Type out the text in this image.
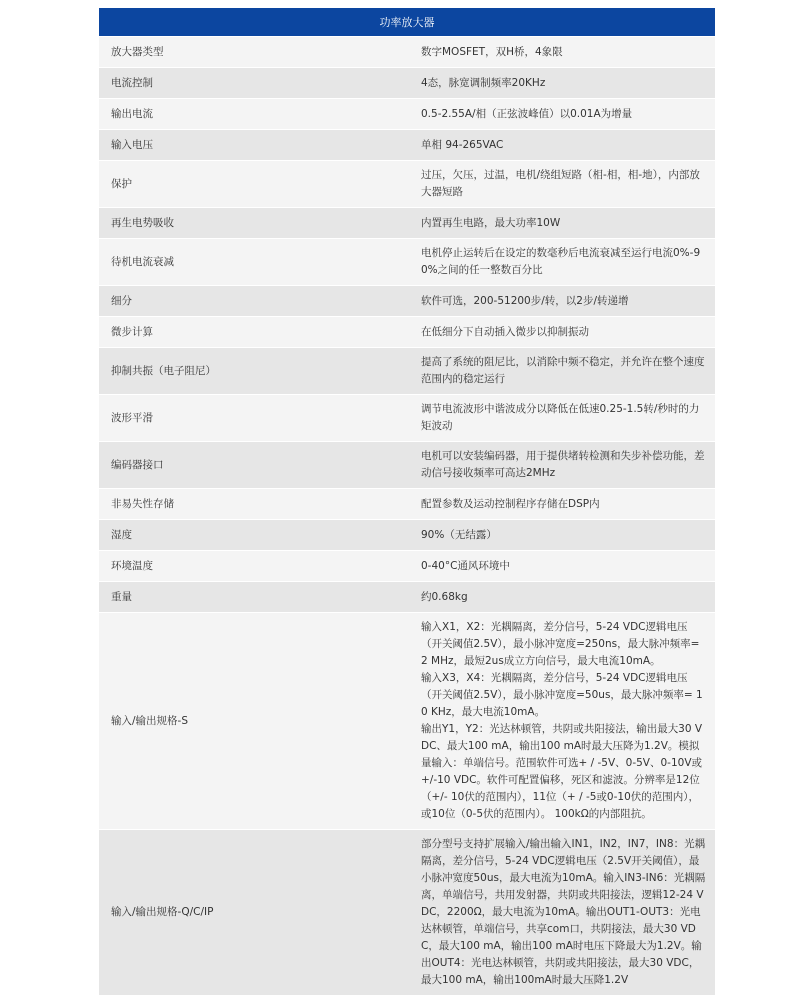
功率放大器	
放大器类型	数字MOSFET，双H桥，4象限
电流控制	4态，脉宽调制频率20KHz
输出电流	0.5-2.55A/相（正弦波峰值）以0.01A为增量
输入电压	单相 94-265VAC
保护	过压，欠压，过温，电机/绕组短路（相-相，相-地），内部放大器短路
再生电势吸收	内置再生电路，最大功率10W
待机电流衰减	电机停止运转后在设定的数毫秒后电流衰减至运行电流0%-90%之间的任一整数百分比
细分	软件可选，200-51200步/转，以2步/转递增
微步计算	在低细分下自动插入微步以抑制振动
抑制共振（电子阻尼）	提高了系统的阻尼比，以消除中频不稳定，并允许在整个速度范围内的稳定运行
波形平滑	调节电流波形中谐波成分以降低在低速0.25-1.5转/秒时的力矩波动
编码器接口	电机可以安装编码器，用于提供堵转检测和失步补偿功能，差动信号接收频率可高达2MHz
非易失性存储	配置参数及运动控制程序存储在DSP内
湿度	90%（无结露）
环境温度	0-40°C通风环境中
重量	约0.68kg
输入/输出规格-S	输入X1，X2：光耦隔离，差分信号，5-24 VDC逻辑电压（开关阈值2.5V），最小脉冲宽度=250ns，最大脉冲频率= 2 MHz，最短2us成立方向信号，最大电流10mA。
输入X3，X4：光耦隔离，差分信号，5-24 VDC逻辑电压（开关阈值2.5V），最小脉冲宽度=50us，最大脉冲频率= 10 KHz，最大电流10mA。
输出Y1，Y2：光达林顿管，共阴或共阳接法，输出最大30 VDC、最大100 mA，输出100 mA时最大压降为1.2V。模拟量输入：单端信号。范围软件可选+ / -5V、0-5V、0-10V或+/-10 VDC。软件可配置偏移，死区和滤波。分辨率是12位（+/- 10伏的范围内），11位（+ / -5或0-10伏的范围内），或10位（0-5伏的范围内）。 100kΩ的内部阻抗。
输入/输出规格-Q/C/IP	部分型号支持扩展输入/输出输入IN1，IN2，IN7，IN8：光耦隔离，差分信号，5-24 VDC逻辑电压（2.5V开关阈值），最小脉冲宽度50us，最大电流为10mA。输入IN3-IN6：光耦隔离，单端信号，共用发射器，共阴或共阳接法，逻辑12-24 VDC，2200Ω，最大电流为10mA。输出OUT1-OUT3：光电达林顿管，单端信号，共享com口，共阴接法，最大30 VDC，最大100 mA，输出100 mA时电压下降最大为1.2V。输出OUT4：光电达林顿管，共阴或共阳接法，最大30 VDC，最大100 mA，输出100mA时最大压降1.2V
